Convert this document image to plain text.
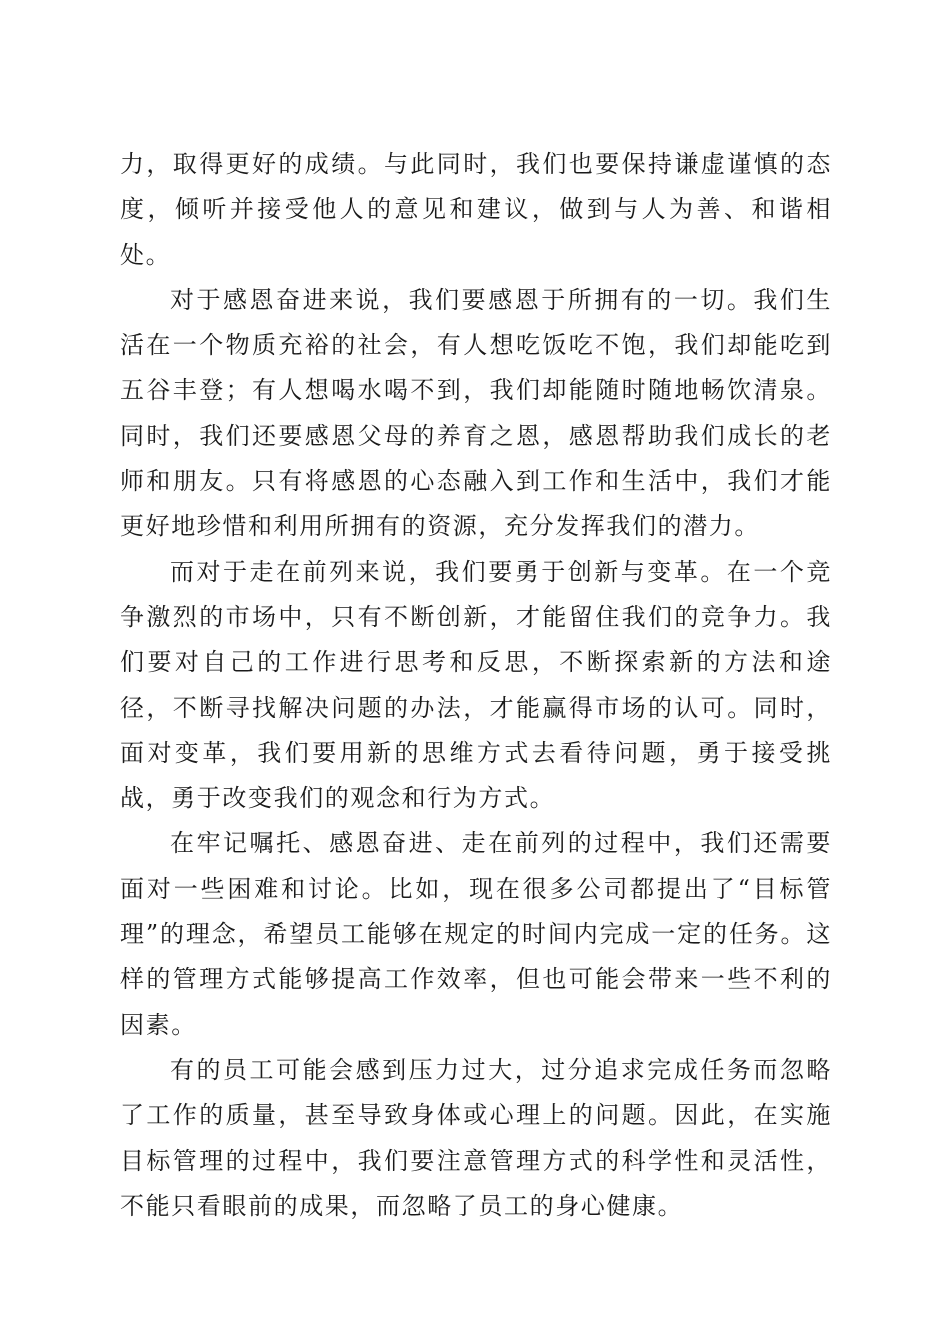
力，取得更好的成绩。与此同时，我们也要保持谦虚谨慎的态度，倾听并接受他人的意见和建议，做到与人为善、和谐相处。

对于感恩奋进来说，我们要感恩于所拥有的一切。我们生活在一个物质充裕的社会，有人想吃饭吃不饱，我们却能吃到五谷丰登；有人想喝水喝不到，我们却能随时随地畅饮清泉。同时，我们还要感恩父母的养育之恩，感恩帮助我们成长的老师和朋友。只有将感恩的心态融入到工作和生活中，我们才能更好地珍惜和利用所拥有的资源，充分发挥我们的潜力。

而对于走在前列来说，我们要勇于创新与变革。在一个竞争激烈的市场中，只有不断创新，才能留住我们的竞争力。我们要对自己的工作进行思考和反思，不断探索新的方法和途径，不断寻找解决问题的办法，才能赢得市场的认可。同时，面对变革，我们要用新的思维方式去看待问题，勇于接受挑战，勇于改变我们的观念和行为方式。

在牢记嘱托、感恩奋进、走在前列的过程中，我们还需要面对一些困难和讨论。比如，现在很多公司都提出了“目标管理”的理念，希望员工能够在规定的时间内完成一定的任务。这样的管理方式能够提高工作效率，但也可能会带来一些不利的因素。

有的员工可能会感到压力过大，过分追求完成任务而忽略了工作的质量，甚至导致身体或心理上的问题。因此，在实施目标管理的过程中，我们要注意管理方式的科学性和灵活性，不能只看眼前的成果，而忽略了员工的身心健康。
